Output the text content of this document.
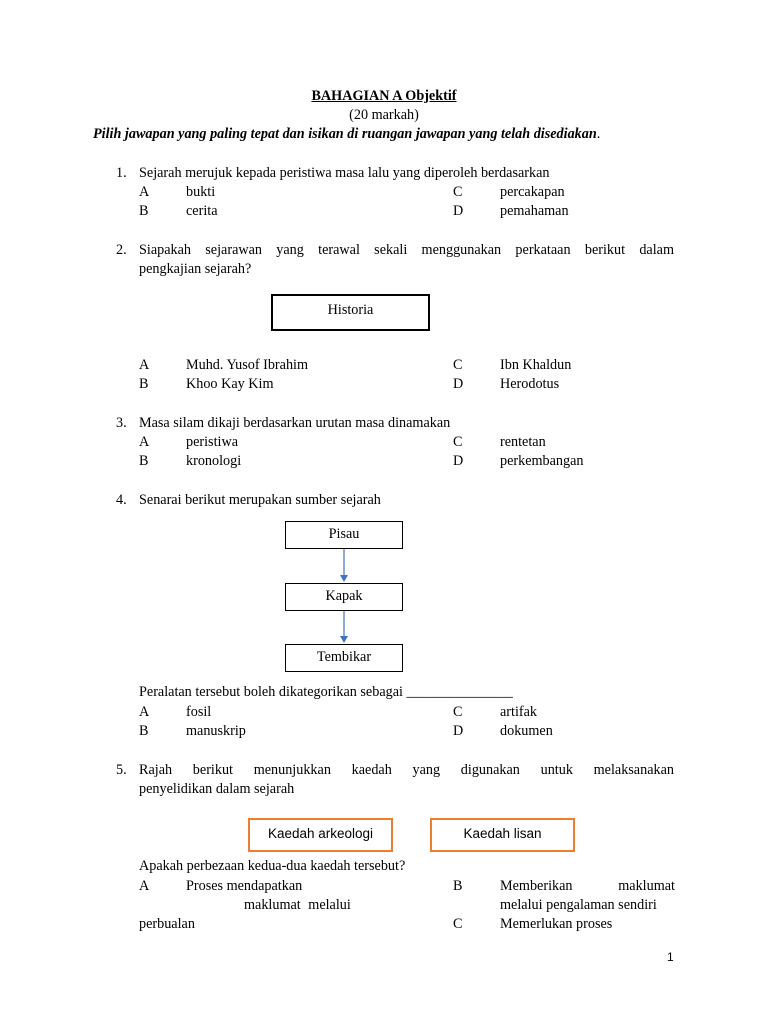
BAHAGIAN A Objektif
(20 markah)
Pilih jawapan yang paling tepat dan isikan di ruangan jawapan yang telah disediakan.
1. Sejarah merujuk kepada peristiwa masa lalu yang diperoleh berdasarkan
A	bukti
B	cerita
C	percakapan
D	pemahaman
2. Siapakah sejarawan yang terawal sekali menggunakan perkataan berikut dalam
pengkajian sejarah?
Historia
A	Muhd. Yusof Ibrahim
B	Khoo Kay Kim
C	Ibn Khaldun
D	Herodotus
3. Masa silam dikaji berdasarkan urutan masa dinamakan
A	peristiwa
B	kronologi
C	rentetan
D	perkembangan
4. Senarai berikut merupakan sumber sejarah
Pisau
Kapak
Tembikar
Peralatan tersebut boleh dikategorikan sebagai _______________
A	fosil
B	manuskrip
C	artifak
D	dokumen
5. Rajah berikut menunjukkan kaedah yang digunakan untuk melaksanakan
penyelidikan dalam sejarah
Kaedah arkeologi	Kaedah lisan
Apakah perbezaan kedua-dua kaedah tersebut?
A	Proses mendapatkan
maklumat melalui
perbualan
B	Memberikan maklumat
melalui pengalaman sendiri
C	Memerlukan proses
1
